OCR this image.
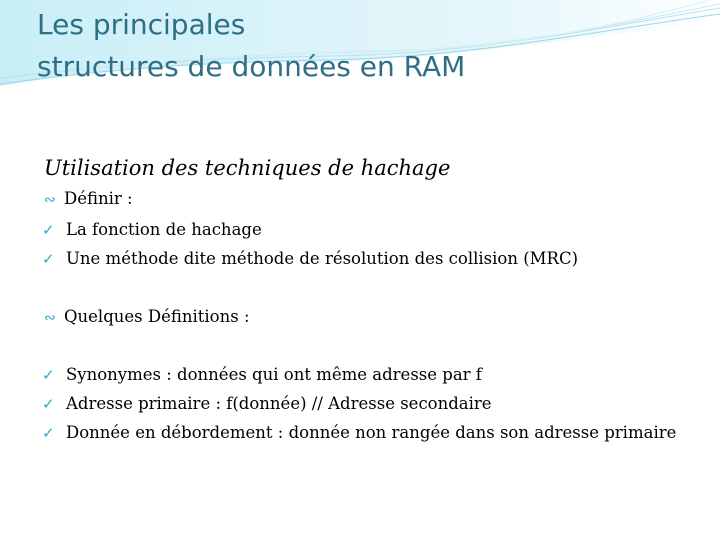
Les principales
structures de données en RAM
Utilisation des techniques de hachage
∾ Définir :
✓ La fonction de hachage
✓ Une méthode dite méthode de résolution des collision (MRC)
∾ Quelques Définitions :
✓ Synonymes : données qui ont même adresse par f
✓ Adresse primaire : f(donnée) // Adresse secondaire
✓ Donnée en débordement : donnée non rangée dans son adresse primaire
